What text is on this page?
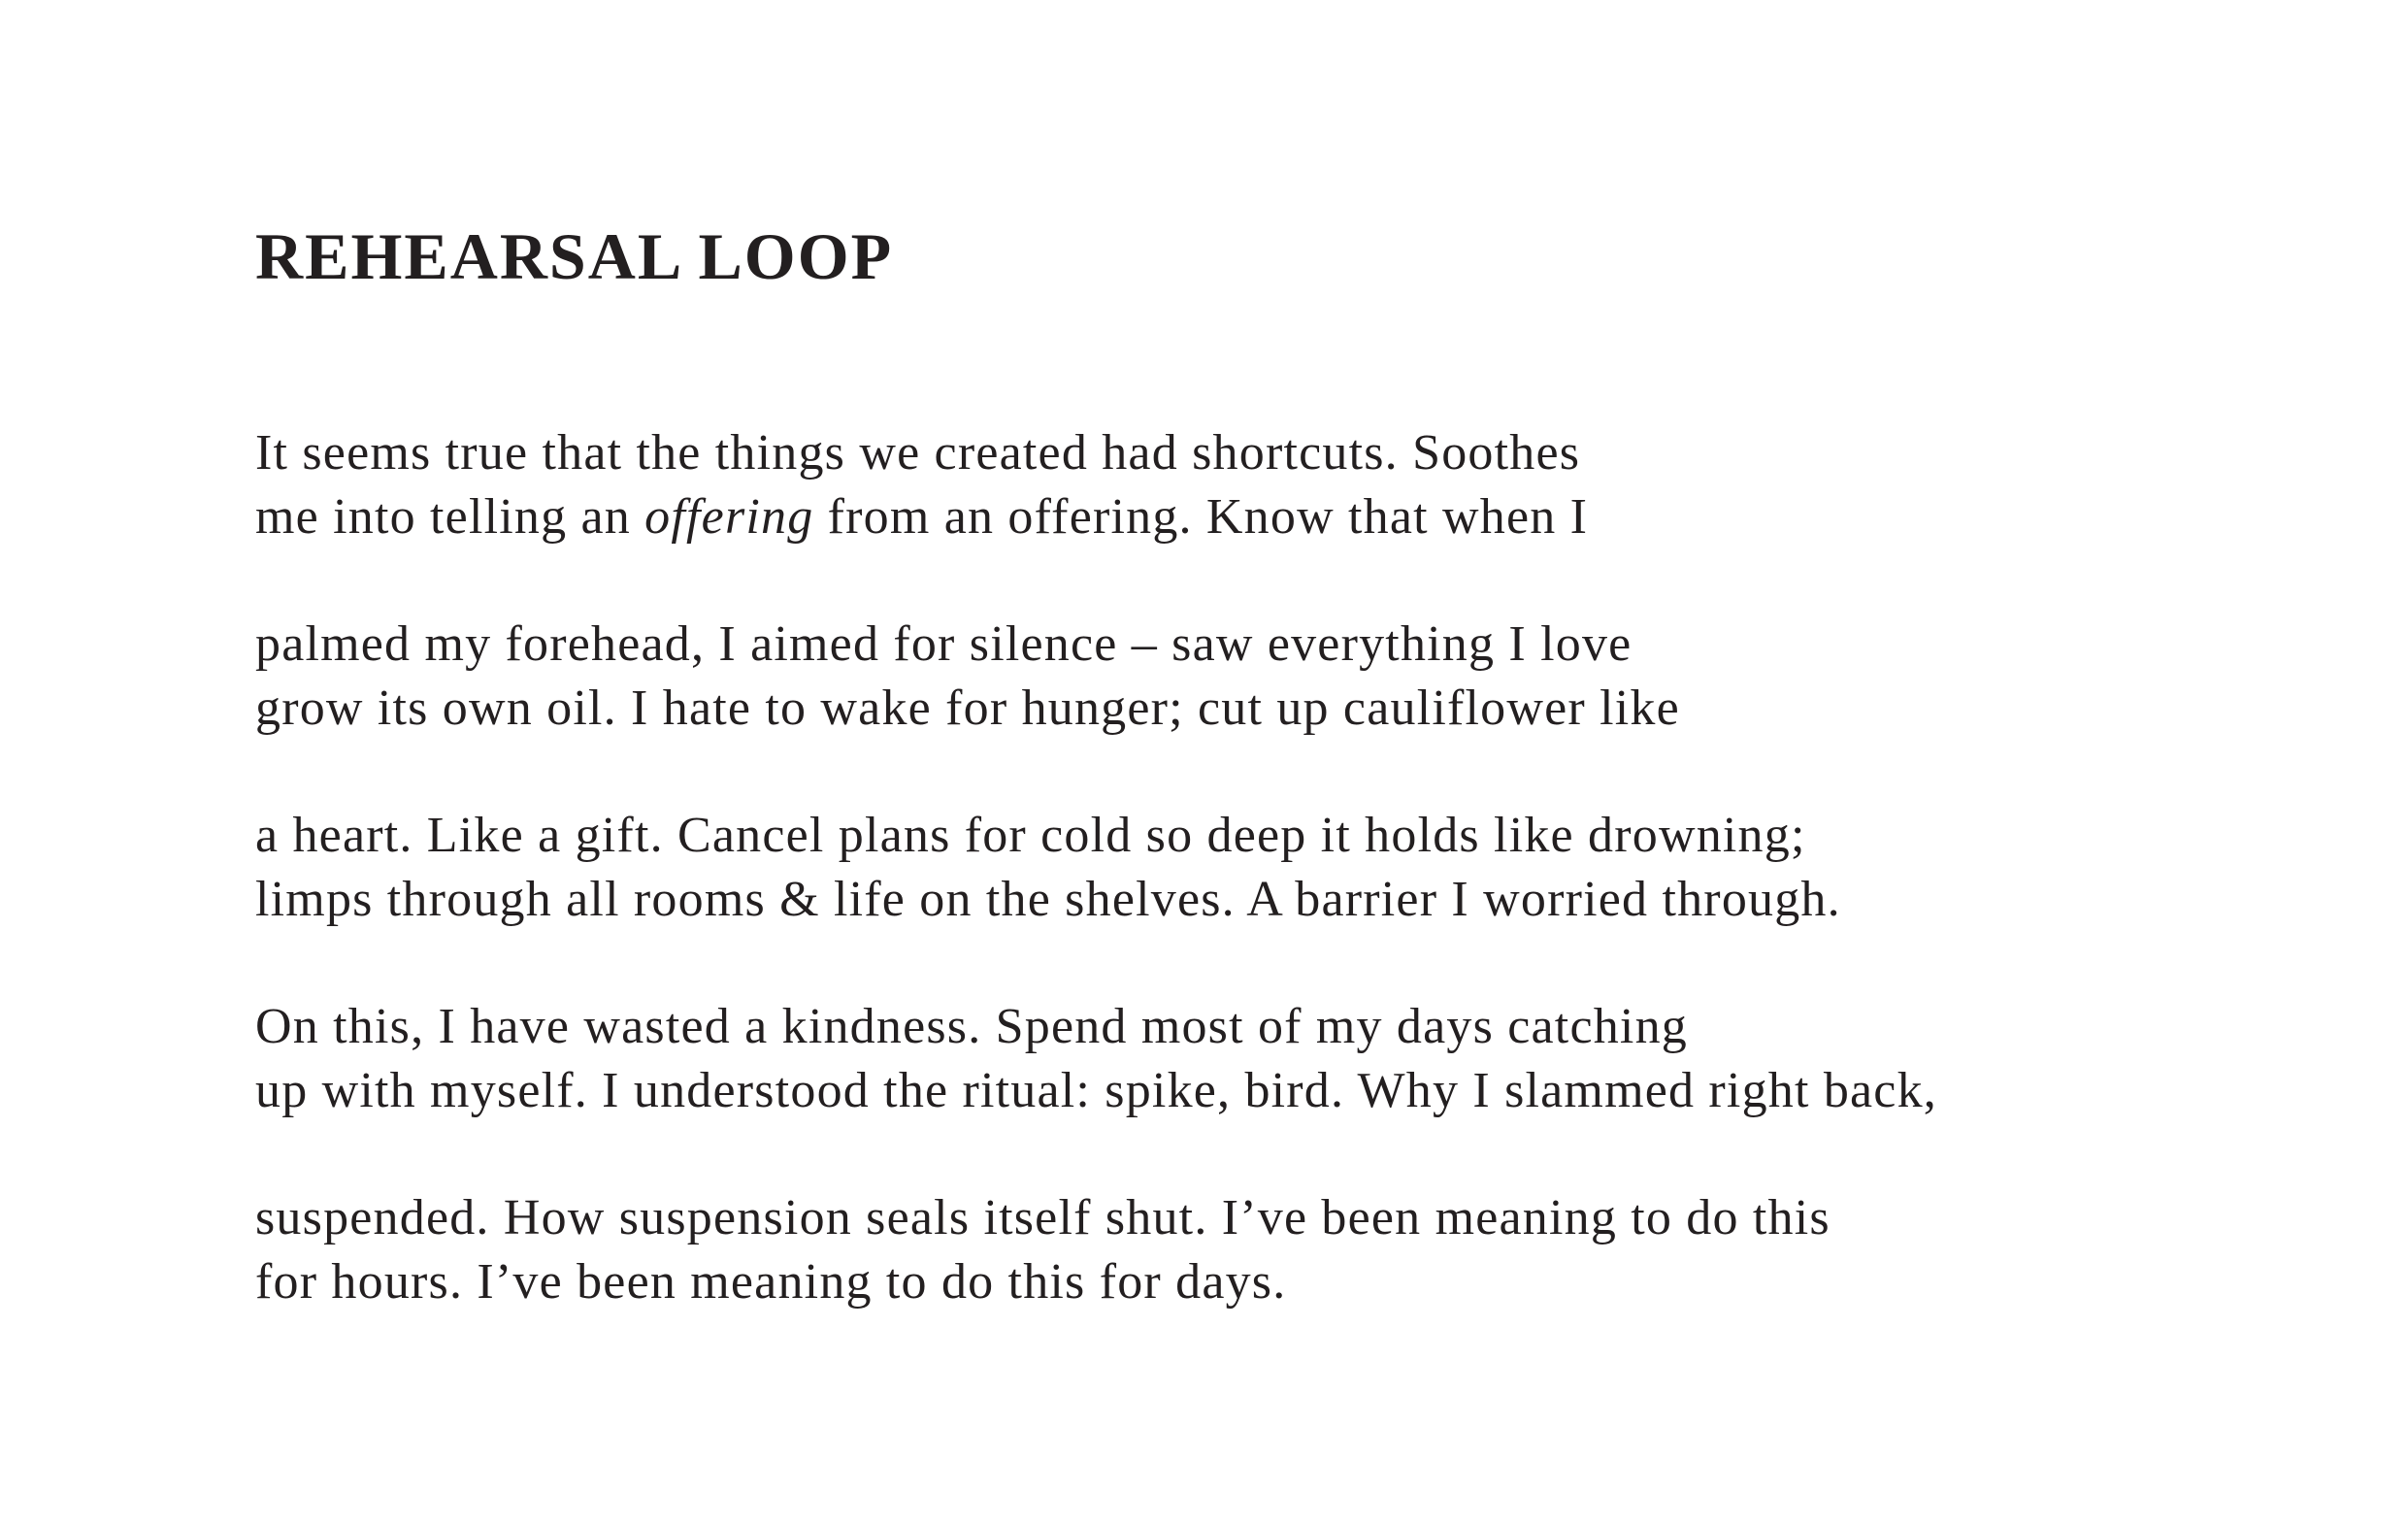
REHEARSAL LOOP
It seems true that the things we created had shortcuts. Soothes
me into telling an offering from an offering. Know that when I
palmed my forehead, I aimed for silence – saw everything I love
grow its own oil. I hate to wake for hunger; cut up cauliflower like
a heart. Like a gift. Cancel plans for cold so deep it holds like drowning;
limps through all rooms & life on the shelves. A barrier I worried through.
On this, I have wasted a kindness. Spend most of my days catching
up with myself. I understood the ritual: spike, bird. Why I slammed right back,
suspended. How suspension seals itself shut. I’ve been meaning to do this
for hours. I’ve been meaning to do this for days.
